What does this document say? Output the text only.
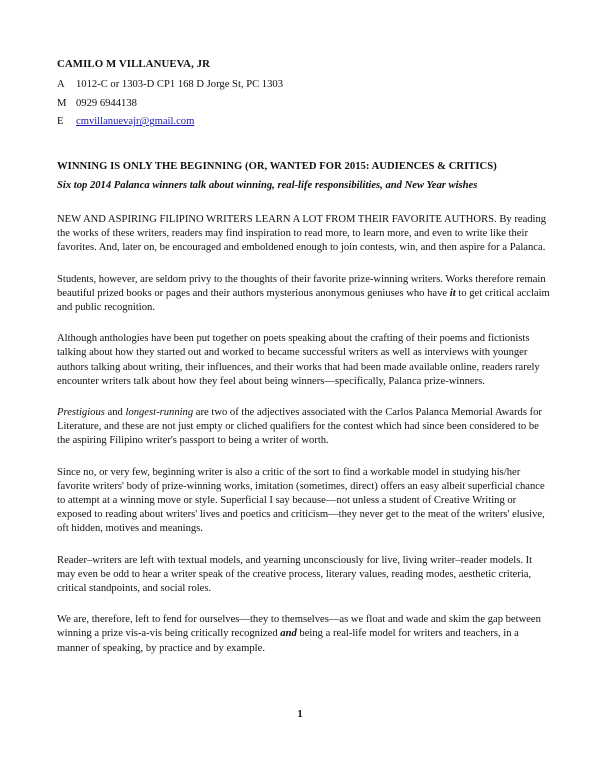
CAMILO M VILLANUEVA, JR

A	1012-C or 1303-D CP1 168 D Jorge St, PC 1303
M 0929 6944138
E	cmvillanuevajr@gmail.com

WINNING IS ONLY THE BEGINNING (OR, WANTED FOR 2015: AUDIENCES & CRITICS)

Six top 2014 Palanca winners talk about winning, real-life responsibilities, and New Year wishes

NEW AND ASPIRING FILIPINO WRITERS LEARN A LOT FROM THEIR FAVORITE AUTHORS. By reading the works of these writers, readers may find inspiration to read more, to learn more, and even to write like their favorites. And, later on, be encouraged and emboldened enough to join contests, win, and then aspire for a Palanca.

Students, however, are seldom privy to the thoughts of their favorite prize-winning writers. Works therefore remain beautiful prized books or pages and their authors mysterious anonymous geniuses who have it to get critical acclaim and public recognition.

Although anthologies have been put together on poets speaking about the crafting of their poems and fictionists talking about how they started out and worked to became successful writers as well as interviews with younger authors talking about writing, their influences, and their works that had been made available online, readers rarely encounter writers talk about how they feel about being winners—specifically, Palanca prize-winners.

Prestigious and longest-running are two of the adjectives associated with the Carlos Palanca Memorial Awards for Literature, and these are not just empty or cliched qualifiers for the contest which had since been considered to be the aspiring Filipino writer's passport to being a writer of worth.

Since no, or very few, beginning writer is also a critic of the sort to find a workable model in studying his/her favorite writers' body of prize-winning works, imitation (sometimes, direct) offers an easy albeit superficial chance to attempt at a winning move or style. Superficial I say because—not unless a student of Creative Writing or exposed to reading about writers' lives and poetics and criticism—they never get to the meat of the writers' elusive, oft hidden, motives and meanings.

Reader–writers are left with textual models, and yearning unconsciously for live, living writer–reader models. It may even be odd to hear a writer speak of the creative process, literary values, reading modes, aesthetic criteria, critical standpoints, and social roles.

We are, therefore, left to fend for ourselves—they to themselves—as we float and wade and skim the gap between winning a prize vis-a-vis being critically recognized and being a real-life model for writers and teachers, in a manner of speaking, by practice and by example.

1
